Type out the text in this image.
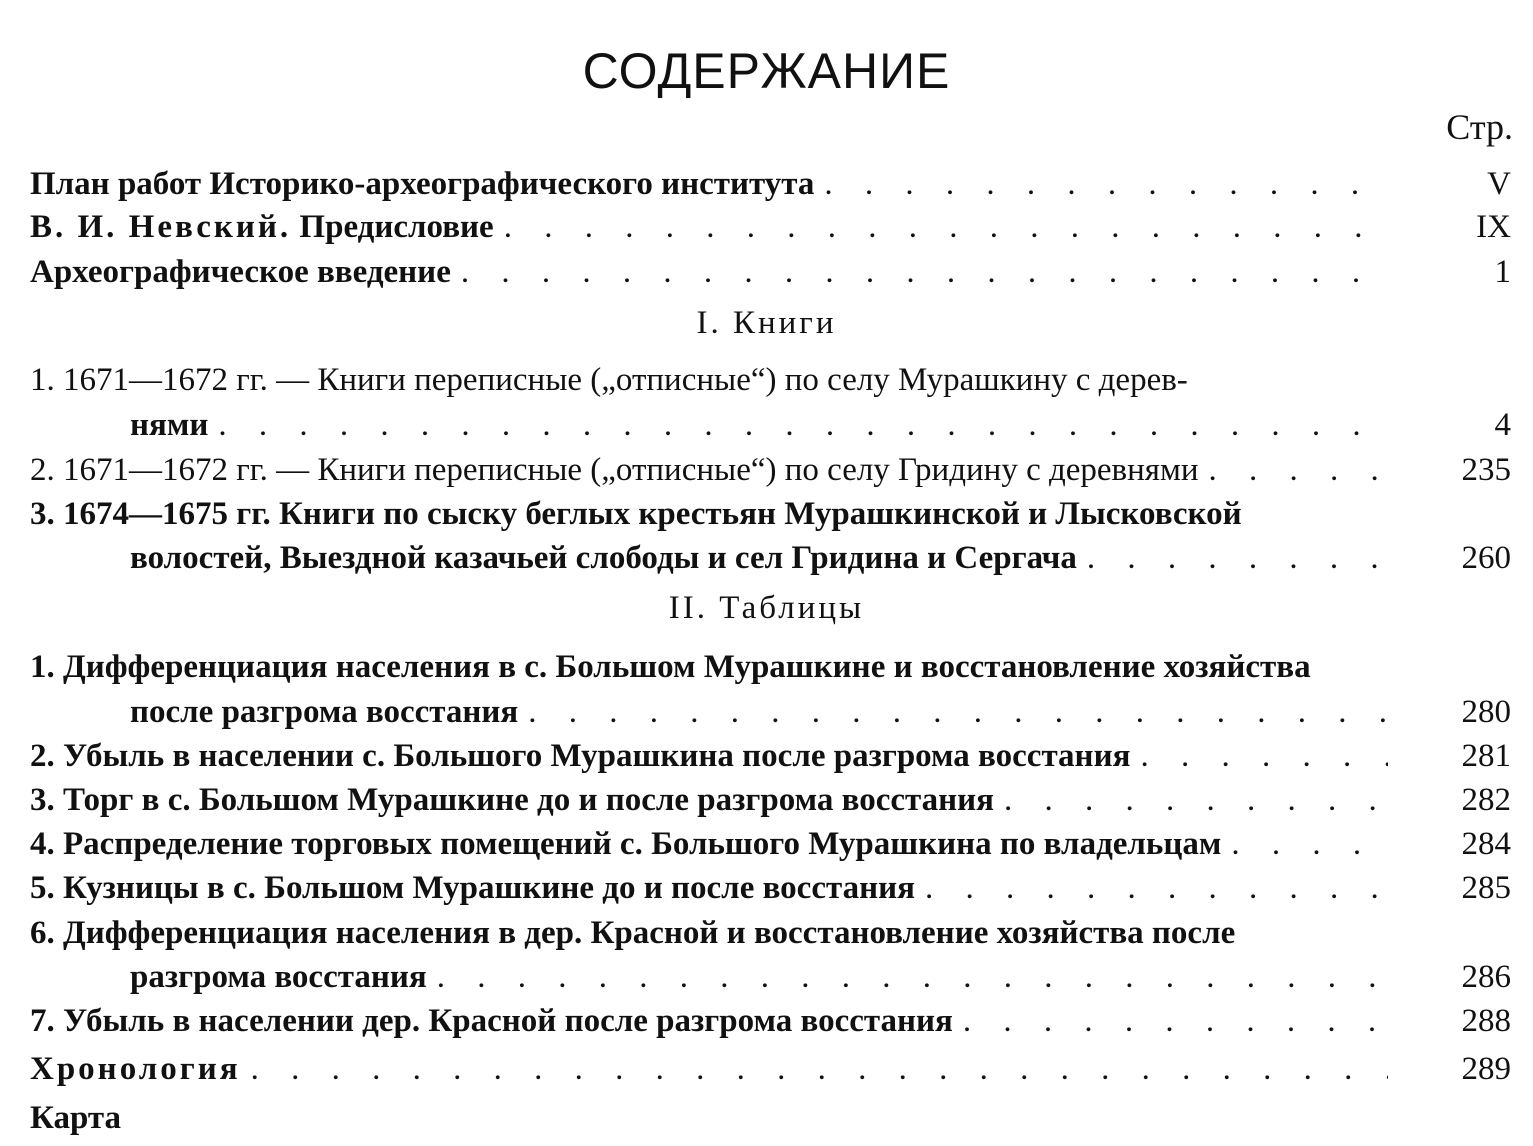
СОДЕРЖАНИЕ
Стр.
План работ Историко-археографического института . . .	V
В. И. Невский. Предисловие . . .	IX
Археографическое введение . . .	1
I. Книги
1. 1671—1672 гг. — Книги переписные („отписные“) по селу Мурашкину с дерев-
нями . . .	4
2. 1671—1672 гг. — Книги переписные („отписные“) по селу Гридину с деревнями . . .	235
3. 1674—1675 гг. Книги по сыску беглых крестьян Мурашкинской и Лысковской
волостей, Выездной казачьей слободы и сел Гридина и Сергача . . .	260
II. Таблицы
1. Дифференциация населения в с. Большом Мурашкине и восстановление хозяйства
после разгрома восстания . . .	280
2. Убыль в населении с. Большого Мурашкина после разгрома восстания . . .	281
3. Торг в с. Большом Мурашкине до и после разгрома восстания . . .	282
4. Распределение торговых помещений с. Большого Мурашкина по владельцам . . .	284
5. Кузницы в с. Большом Мурашкине до и после восстания . . .	285
6. Дифференциация населения в дер. Красной и восстановление хозяйства после
разгрома восстания . . .	286
7. Убыль в населении дер. Красной после разгрома восстания . . .	288
Хронология . . .	289
Карта
